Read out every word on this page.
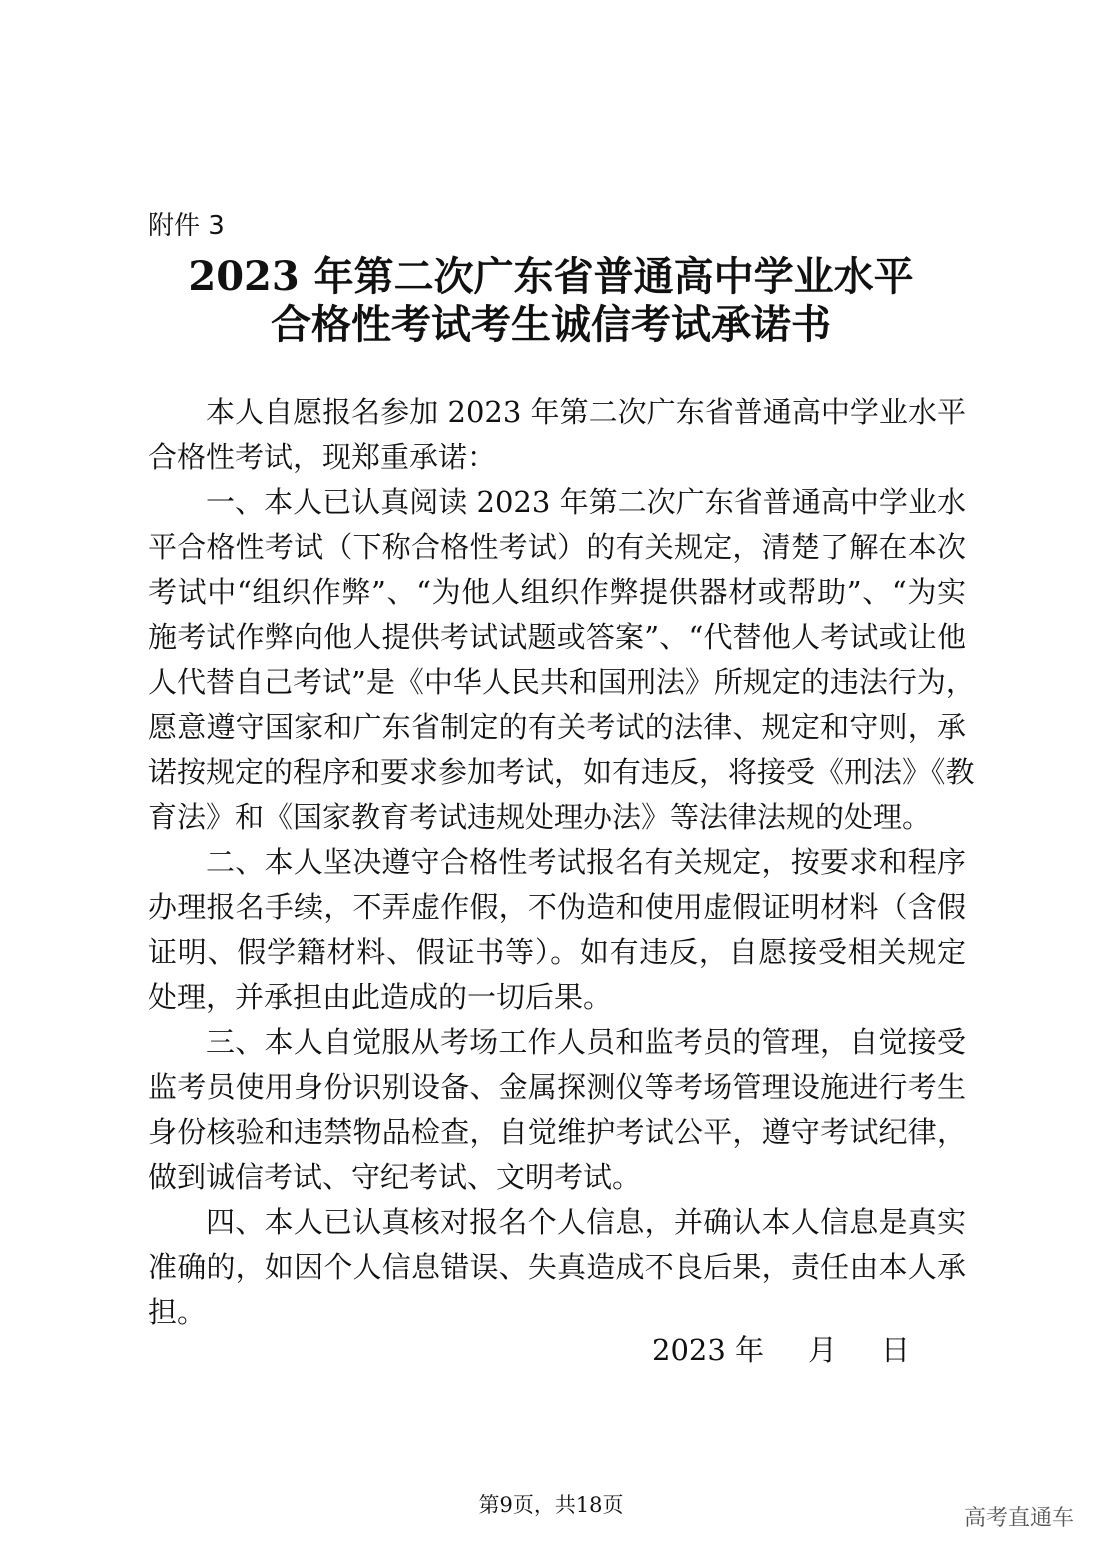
附件 3
2023 年第二次广东省普通高中学业水平
合格性考试考生诚信考试承诺书
本人自愿报名参加 2023 年第二次广东省普通高中学业水平
合格性考试，现郑重承诺：
一、本人已认真阅读 2023 年第二次广东省普通高中学业水
平合格性考试（下称合格性考试）的有关规定，清楚了解在本次
考试中“组织作弊”、“为他人组织作弊提供器材或帮助”、“为实
施考试作弊向他人提供考试试题或答案”、“代替他人考试或让他
人代替自己考试”是《中华人民共和国刑法》所规定的违法行为，
愿意遵守国家和广东省制定的有关考试的法律、规定和守则，承
诺按规定的程序和要求参加考试，如有违反，将接受《刑法》《教
育法》和《国家教育考试违规处理办法》等法律法规的处理。
二、本人坚决遵守合格性考试报名有关规定，按要求和程序
办理报名手续，不弄虚作假，不伪造和使用虚假证明材料（含假
证明、假学籍材料、假证书等）。如有违反，自愿接受相关规定
处理，并承担由此造成的一切后果。
三、本人自觉服从考场工作人员和监考员的管理，自觉接受
监考员使用身份识别设备、金属探测仪等考场管理设施进行考生
身份核验和违禁物品检查，自觉维护考试公平，遵守考试纪律，
做到诚信考试、守纪考试、文明考试。
四、本人已认真核对报名个人信息，并确认本人信息是真实
准确的，如因个人信息错误、失真造成不良后果，责任由本人承
担。
2023 年 月 日
第9页，共18页
高考直通车
